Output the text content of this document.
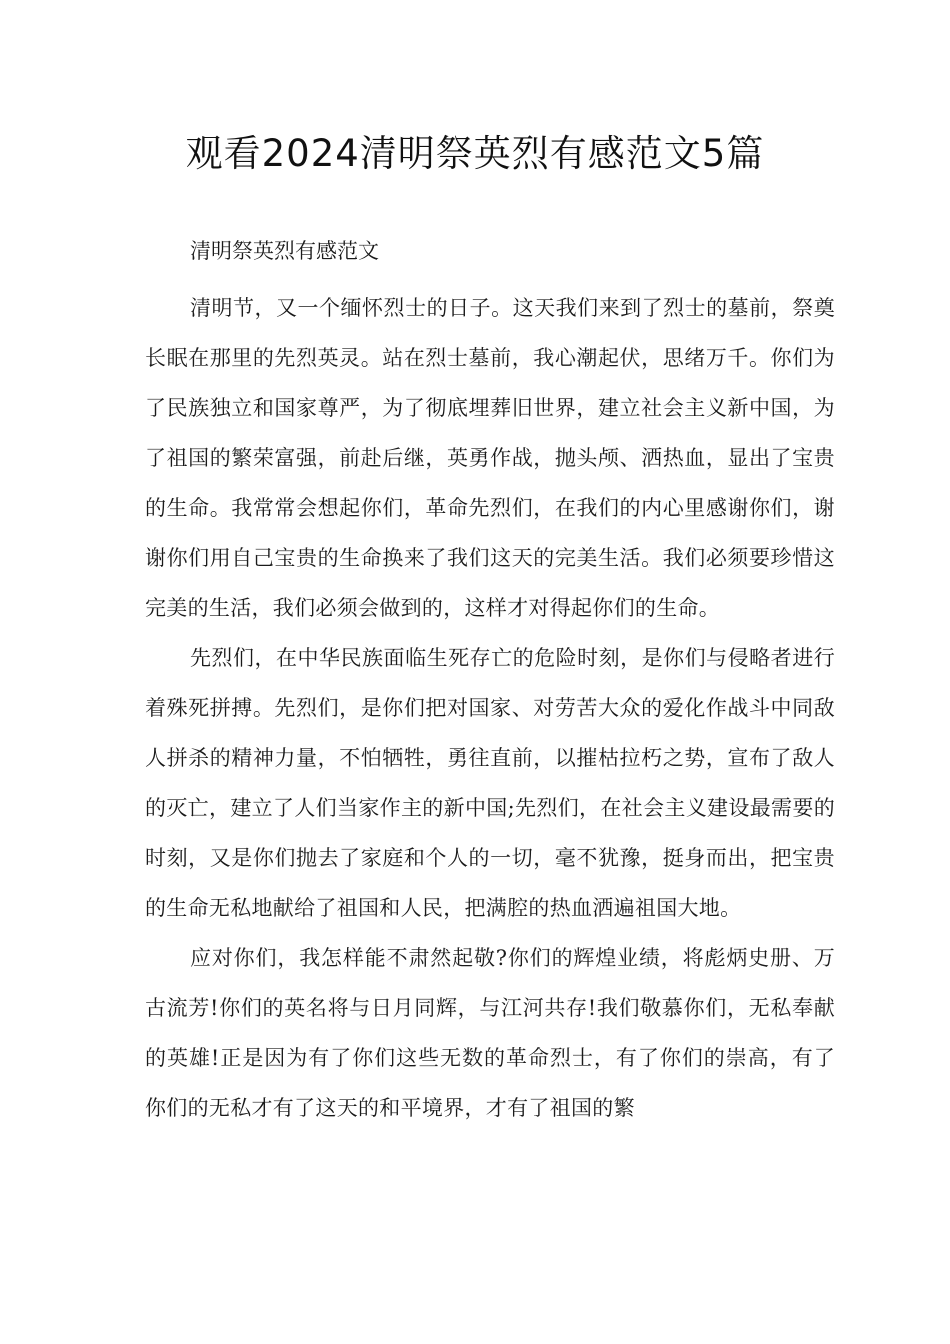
观看2024清明祭英烈有感范文5篇

清明祭英烈有感范文

清明节，又一个缅怀烈士的日子。这天我们来到了烈士的墓前，祭奠长眠在那里的先烈英灵。站在烈士墓前，我心潮起伏，思绪万千。你们为了民族独立和国家尊严，为了彻底埋葬旧世界，建立社会主义新中国，为了祖国的繁荣富强，前赴后继，英勇作战，抛头颅、洒热血，显出了宝贵的生命。我常常会想起你们，革命先烈们，在我们的内心里感谢你们，谢谢你们用自己宝贵的生命换来了我们这天的完美生活。我们必须要珍惜这完美的生活，我们必须会做到的，这样才对得起你们的生命。

先烈们，在中华民族面临生死存亡的危险时刻，是你们与侵略者进行着殊死拼搏。先烈们，是你们把对国家、对劳苦大众的爱化作战斗中同敌人拼杀的精神力量，不怕牺牲，勇往直前，以摧枯拉朽之势，宣布了敌人的灭亡，建立了人们当家作主的新中国;先烈们，在社会主义建设最需要的时刻，又是你们抛去了家庭和个人的一切，毫不犹豫，挺身而出，把宝贵的生命无私地献给了祖国和人民，把满腔的热血洒遍祖国大地。

应对你们，我怎样能不肃然起敬?你们的辉煌业绩，将彪炳史册、万古流芳!你们的英名将与日月同辉，与江河共存!我们敬慕你们，无私奉献的英雄!正是因为有了你们这些无数的革命烈士，有了你们的崇高，有了你们的无私才有了这天的和平境界，才有了祖国的繁
